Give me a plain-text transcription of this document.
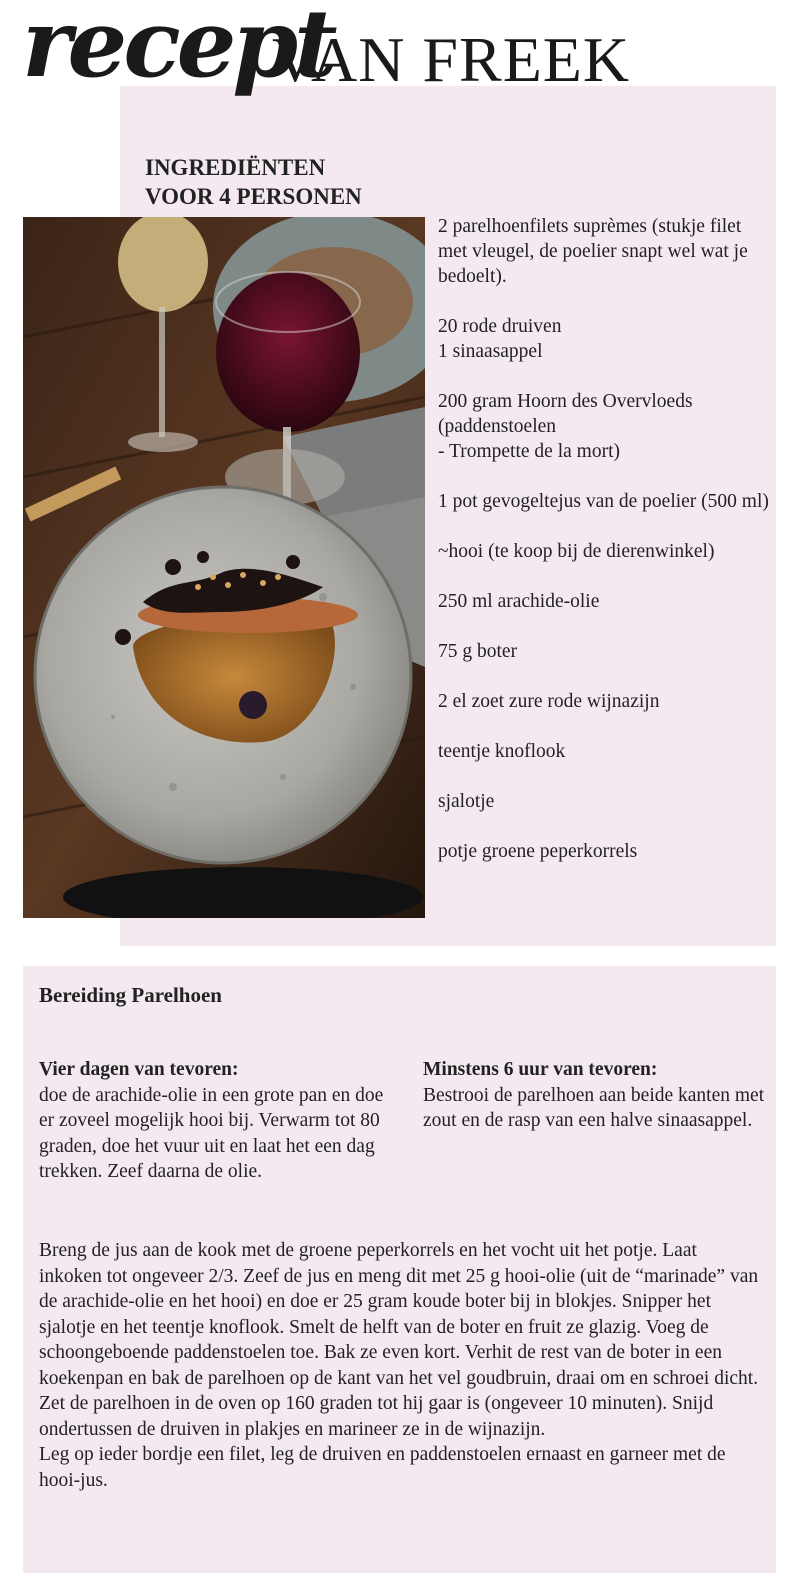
recept
VAN FREEK
INGREDIËNTEN
VOOR 4 PERSONEN
2 parelhoenfilets suprèmes (stukje filet met vleugel, de poelier snapt wel wat je bedoelt).
20 rode druiven
1 sinaasappel
200 gram Hoorn des Overvloeds (paddenstoelen
- Trompette de la mort)
1 pot gevogeltejus van de poelier (500 ml)
~hooi (te koop bij de dierenwinkel)
250 ml arachide-olie
75 g boter
2 el zoet zure rode wijnazijn
teentje knoflook
sjalotje
potje groene peperkorrels
Bereiding Parelhoen
Vier dagen van tevoren:
doe de arachide-olie in een grote pan en doe er zoveel mogelijk hooi bij. Verwarm tot 80 graden, doe het vuur uit en laat het een dag trekken. Zeef daarna de olie.
Minstens 6 uur van tevoren:
Bestrooi de parelhoen aan beide kanten met zout en de rasp van een halve sinaasappel.

Breng de jus aan de kook met de groene peperkorrels en het vocht uit het potje. Laat inkoken tot ongeveer 2/3. Zeef de jus en meng dit met 25 g hooi-olie (uit de “marinade” van de arachide-olie en het hooi) en doe er 25 gram koude boter bij in blokjes. Snipper het sjalotje en het teentje knoflook. Smelt de helft van de boter en fruit ze glazig. Voeg de schoongeboende paddenstoelen toe. Bak ze even kort. Verhit de rest van de boter in een koekenpan en bak de parelhoen op de kant van het vel goudbruin, draai om en schroei dicht. Zet de parelhoen in de oven op 160 graden tot hij gaar is (ongeveer 10 minuten). Snijd ondertussen de druiven in plakjes en marineer ze in de wijnazijn.

Leg op ieder bordje een filet, leg de druiven en paddenstoelen ernaast en garneer met de hooi-jus.
